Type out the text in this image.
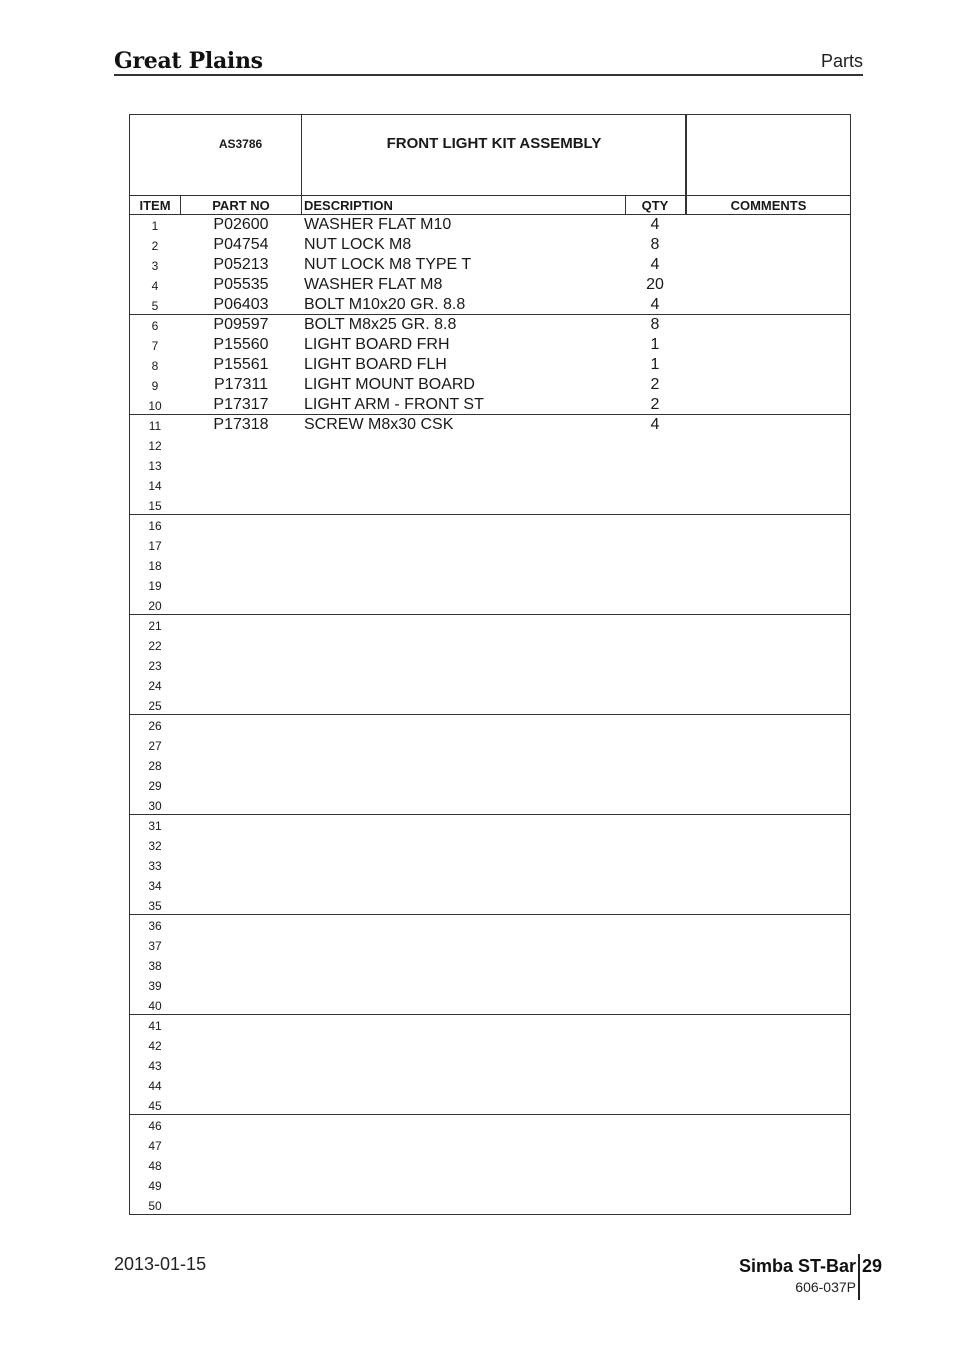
Great Plains	Parts
AS3786	FRONT LIGHT KIT ASSEMBLY
ITEM	PART NO	DESCRIPTION	QTY	COMMENTS
1	P02600	WASHER FLAT M10	4
2	P04754	NUT LOCK M8	8
3	P05213	NUT LOCK M8 TYPE T	4
4	P05535	WASHER FLAT M8	20
5	P06403	BOLT M10x20 GR. 8.8	4
6	P09597	BOLT M8x25 GR. 8.8	8
7	P15560	LIGHT BOARD FRH	1
8	P15561	LIGHT BOARD FLH	1
9	P17311	LIGHT MOUNT BOARD	2
10	P17317	LIGHT ARM - FRONT ST	2
11	P17318	SCREW M8x30 CSK	4
12
13
14
15
16
17
18
19
20
21
22
23
24
25
26
27
28
29
30
31
32
33
34
35
36
37
38
39
40
41
42
43
44
45
46
47
48
49
50
2013-01-15	Simba ST-Bar 29
606-037P
